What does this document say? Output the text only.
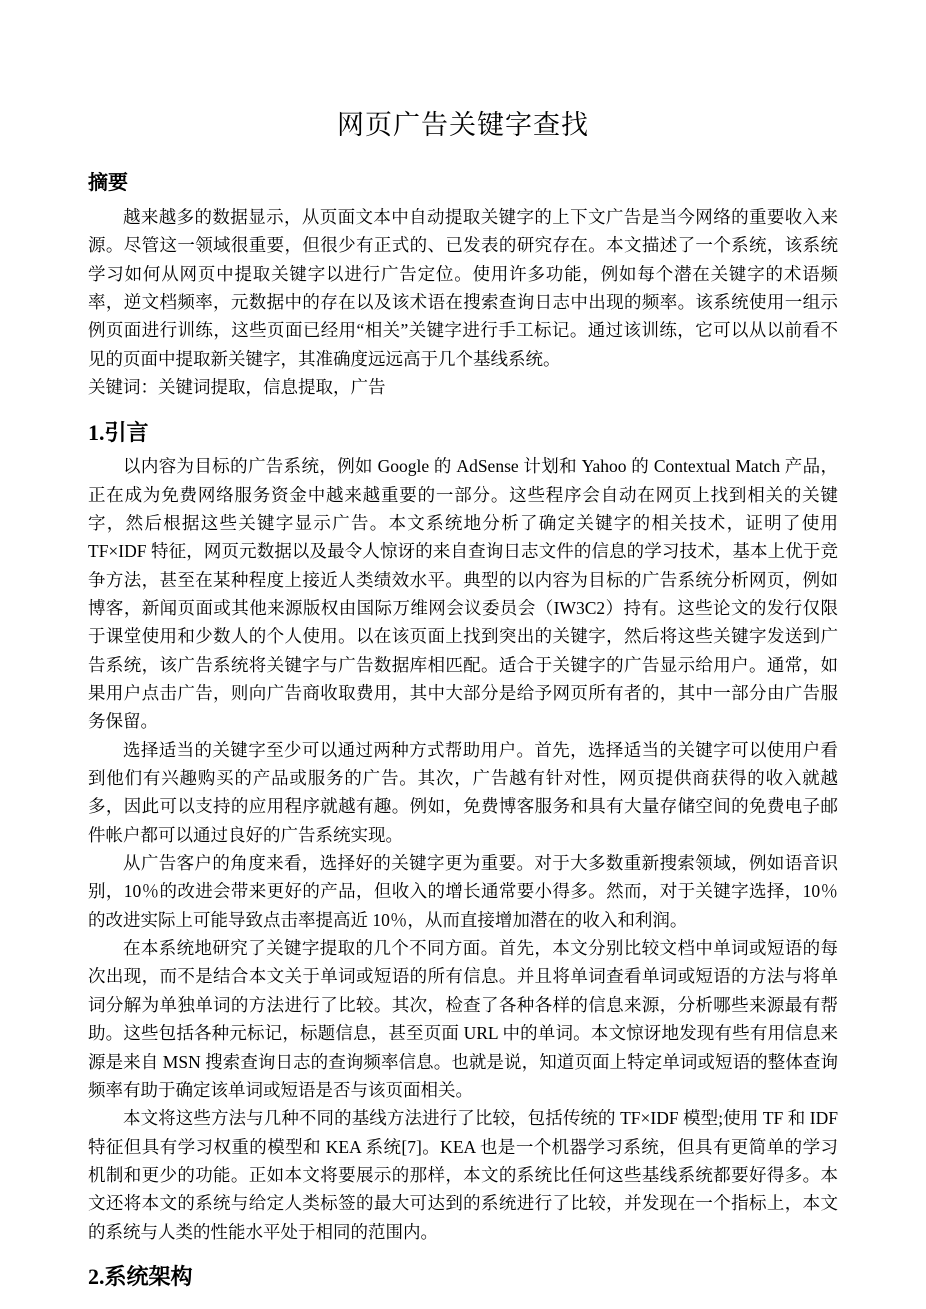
网页广告关键字查找
摘要

越来越多的数据显示，从页面文本中自动提取关键字的上下文广告是当今网络的重要收入来源。尽管这一领域很重要，但很少有正式的、已发表的研究存在。本文描述了一个系统，该系统学习如何从网页中提取关键字以进行广告定位。使用许多功能，例如每个潜在关键字的术语频率，逆文档频率，元数据中的存在以及该术语在搜索查询日志中出现的频率。该系统使用一组示例页面进行训练，这些页面已经用“相关”关键字进行手工标记。通过该训练，它可以从以前看不见的页面中提取新关键字，其准确度远远高于几个基线系统。

关键词：关键词提取，信息提取，广告

1.引言

以内容为目标的广告系统，例如 Google 的 AdSense 计划和 Yahoo 的 Contextual Match 产品，正在成为免费网络服务资金中越来越重要的一部分。这些程序会自动在网页上找到相关的关键字，然后根据这些关键字显示广告。本文系统地分析了确定关键字的相关技术，证明了使用 TF×IDF 特征，网页元数据以及最令人惊讶的来自查询日志文件的信息的学习技术，基本上优于竞争方法，甚至在某种程度上接近人类绩效水平。典型的以内容为目标的广告系统分析网页，例如博客，新闻页面或其他来源版权由国际万维网会议委员会（IW3C2）持有。这些论文的发行仅限于课堂使用和少数人的个人使用。以在该页面上找到突出的关键字，然后将这些关键字发送到广告系统，该广告系统将关键字与广告数据库相匹配。适合于关键字的广告显示给用户。通常，如果用户点击广告，则向广告商收取费用，其中大部分是给予网页所有者的，其中一部分由广告服务保留。

选择适当的关键字至少可以通过两种方式帮助用户。首先，选择适当的关键字可以使用户看到他们有兴趣购买的产品或服务的广告。其次，广告越有针对性，网页提供商获得的收入就越多，因此可以支持的应用程序就越有趣。例如，免费博客服务和具有大量存储空间的免费电子邮件帐户都可以通过良好的广告系统实现。

从广告客户的角度来看，选择好的关键字更为重要。对于大多数重新搜索领域，例如语音识别，10％的改进会带来更好的产品，但收入的增长通常要小得多。然而，对于关键字选择，10％的改进实际上可能导致点击率提高近 10％，从而直接增加潜在的收入和利润。

在本系统地研究了关键字提取的几个不同方面。首先，本文分别比较文档中单词或短语的每次出现，而不是结合本文关于单词或短语的所有信息。并且将单词查看单词或短语的方法与将单词分解为单独单词的方法进行了比较。其次，检查了各种各样的信息来源，分析哪些来源最有帮助。这些包括各种元标记，标题信息，甚至页面 URL 中的单词。本文惊讶地发现有些有用信息来源是来自 MSN 搜索查询日志的查询频率信息。也就是说，知道页面上特定单词或短语的整体查询频率有助于确定该单词或短语是否与该页面相关。

本文将这些方法与几种不同的基线方法进行了比较，包括传统的 TF×IDF 模型;使用 TF 和 IDF 特征但具有学习权重的模型和 KEA 系统[7]。KEA 也是一个机器学习系统，但具有更简单的学习机制和更少的功能。正如本文将要展示的那样，本文的系统比任何这些基线系统都要好得多。本文还将本文的系统与给定人类标签的最大可达到的系统进行了比较，并发现在一个指标上，本文的系统与人类的性能水平处于相同的范围内。

2.系统架构
